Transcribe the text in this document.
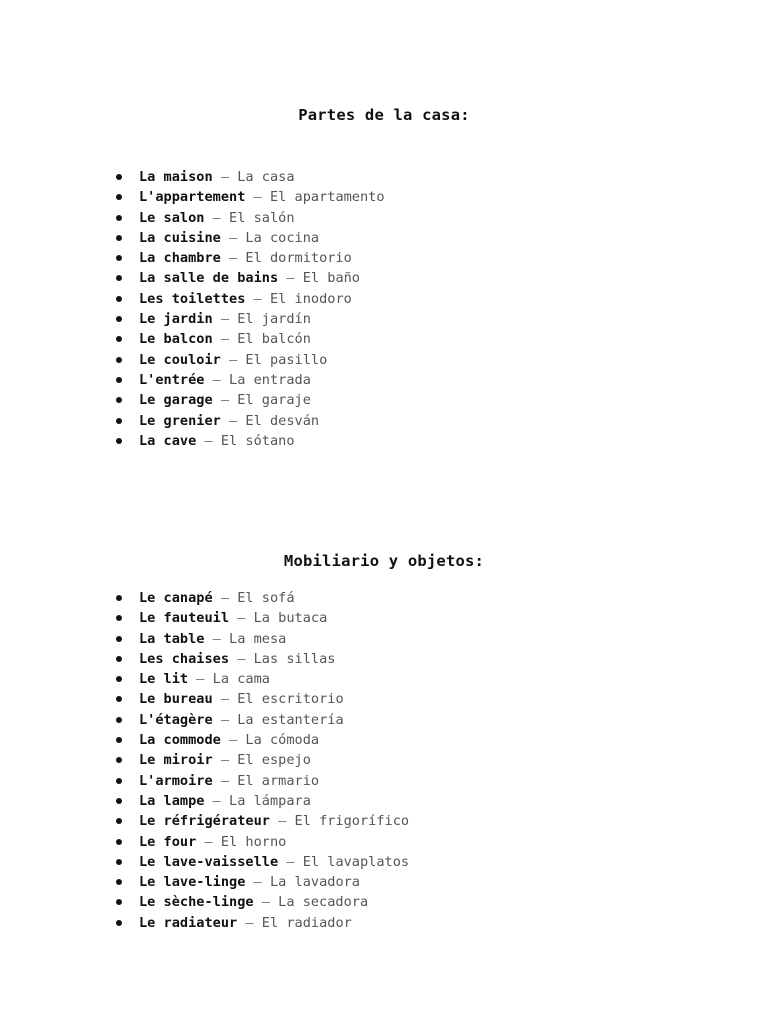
Partes de la casa:
La maison — La casa
L'appartement — El apartamento
Le salon — El salón
La cuisine — La cocina
La chambre — El dormitorio
La salle de bains — El baño
Les toilettes — El inodoro
Le jardin — El jardín
Le balcon — El balcón
Le couloir — El pasillo
L'entrée — La entrada
Le garage — El garaje
Le grenier — El desván
La cave — El sótano
Mobiliario y objetos:
Le canapé — El sofá
Le fauteuil — La butaca
La table — La mesa
Les chaises — Las sillas
Le lit — La cama
Le bureau — El escritorio
L'étagère — La estantería
La commode — La cómoda
Le miroir — El espejo
L'armoire — El armario
La lampe — La lámpara
Le réfrigérateur — El frigorífico
Le four — El horno
Le lave-vaisselle — El lavaplatos
Le lave-linge — La lavadora
Le sèche-linge — La secadora
Le radiateur — El radiador
